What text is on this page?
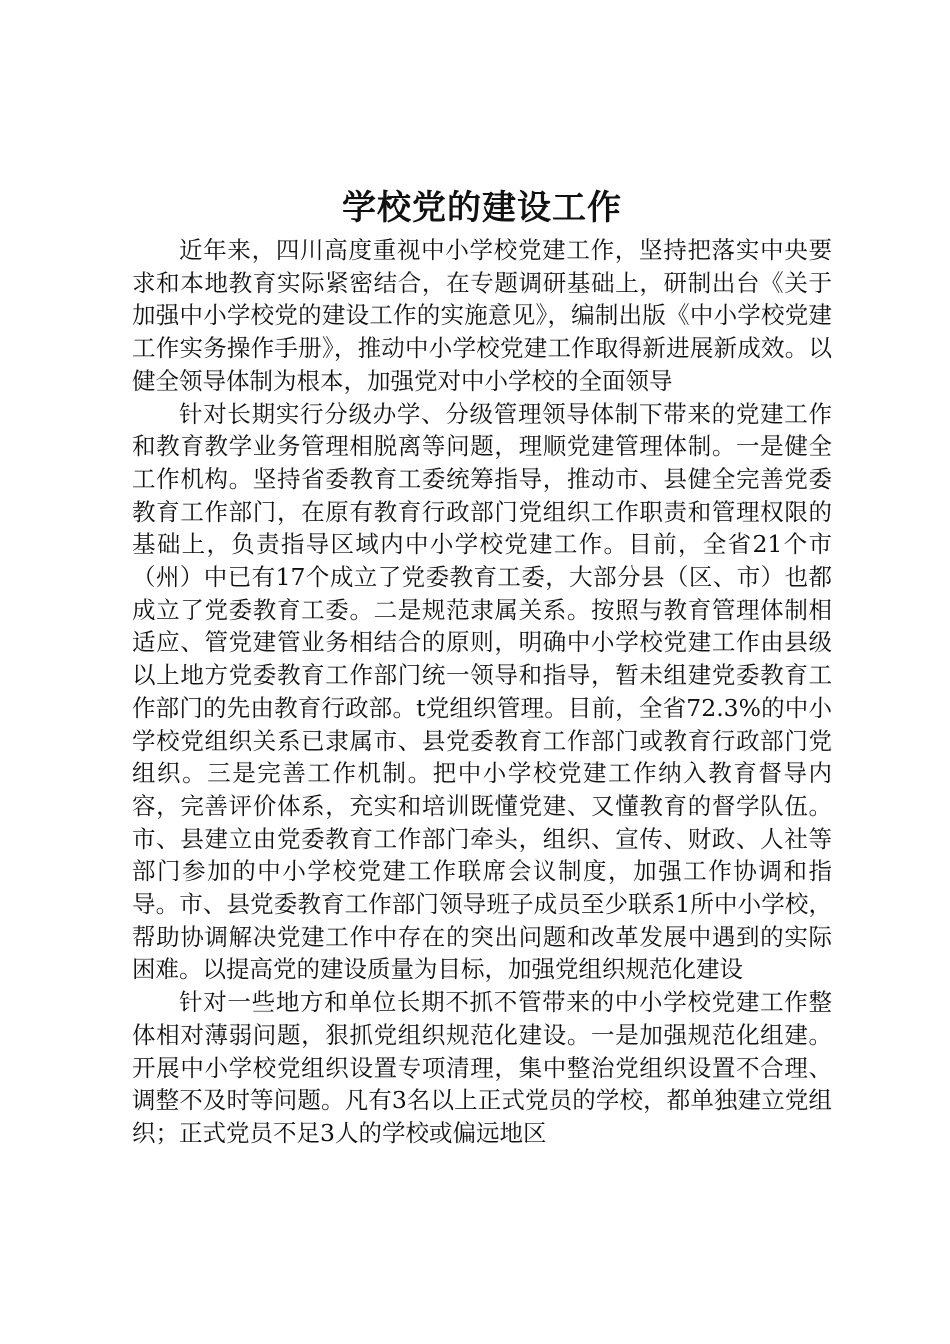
学校党的建设工作

近年来，四川高度重视中小学校党建工作，坚持把落实中央要求和本地教育实际紧密结合，在专题调研基础上，研制出台《关于加强中小学校党的建设工作的实施意见》，编制出版《中小学校党建工作实务操作手册》，推动中小学校党建工作取得新进展新成效。以健全领导体制为根本，加强党对中小学校的全面领导

针对长期实行分级办学、分级管理领导体制下带来的党建工作和教育教学业务管理相脱离等问题，理顺党建管理体制。一是健全工作机构。坚持省委教育工委统筹指导，推动市、县健全完善党委教育工作部门，在原有教育行政部门党组织工作职责和管理权限的基础上，负责指导区域内中小学校党建工作。目前，全省21个市（州）中已有17个成立了党委教育工委，大部分县（区、市）也都成立了党委教育工委。二是规范隶属关系。按照与教育管理体制相适应、管党建管业务相结合的原则，明确中小学校党建工作由县级以上地方党委教育工作部门统一领导和指导，暂未组建党委教育工作部门的先由教育行政部。t党组织管理。目前，全省72.3%的中小学校党组织关系已隶属市、县党委教育工作部门或教育行政部门党组织。三是完善工作机制。把中小学校党建工作纳入教育督导内容，完善评价体系，充实和培训既懂党建、又懂教育的督学队伍。市、县建立由党委教育工作部门牵头，组织、宣传、财政、人社等部门参加的中小学校党建工作联席会议制度，加强工作协调和指导。市、县党委教育工作部门领导班子成员至少联系1所中小学校，帮助协调解决党建工作中存在的突出问题和改革发展中遇到的实际困难。以提高党的建设质量为目标，加强党组织规范化建设

针对一些地方和单位长期不抓不管带来的中小学校党建工作整体相对薄弱问题，狠抓党组织规范化建设。一是加强规范化组建。开展中小学校党组织设置专项清理，集中整治党组织设置不合理、调整不及时等问题。凡有3名以上正式党员的学校，都单独建立党组织；正式党员不足3人的学校或偏远地区
